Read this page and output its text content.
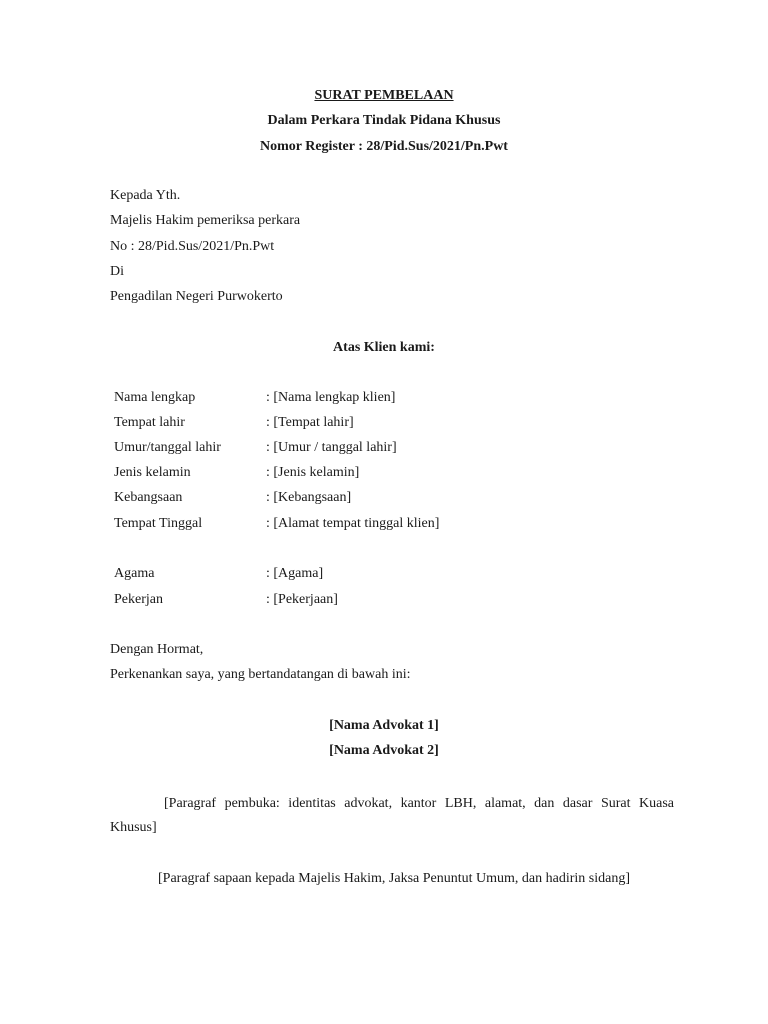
SURAT PEMBELAAN
Dalam Perkara Tindak Pidana Khusus
Nomor Register : 28/Pid.Sus/2021/Pn.Pwt
Kepada Yth.
Majelis Hakim pemeriksa perkara
No : 28/Pid.Sus/2021/Pn.Pwt
Di
Pengadilan Negeri Purwokerto
Atas Klien kami:
Nama lengkap	: [Nama lengkap klien]
Tempat lahir	: [Tempat lahir]
Umur/tanggal lahir	: [Umur / tanggal lahir]
Jenis kelamin	: [Jenis kelamin]
Kebangsaan	: [Kebangsaan]
Tempat Tinggal	: [Alamat tempat tinggal klien]
Agama	: [Agama]
Pekerjan	: [Pekerjaan]
Dengan Hormat,
Perkenankan saya, yang bertandatangan di bawah ini:
[Nama Advokat 1]
[Nama Advokat 2]
[Paragraf pembuka: identitas advokat, kantor LBH, alamat, dan dasar Surat Kuasa Khusus]
[Paragraf sapaan kepada Majelis Hakim, Jaksa Penuntut Umum, dan hadirin sidang]
